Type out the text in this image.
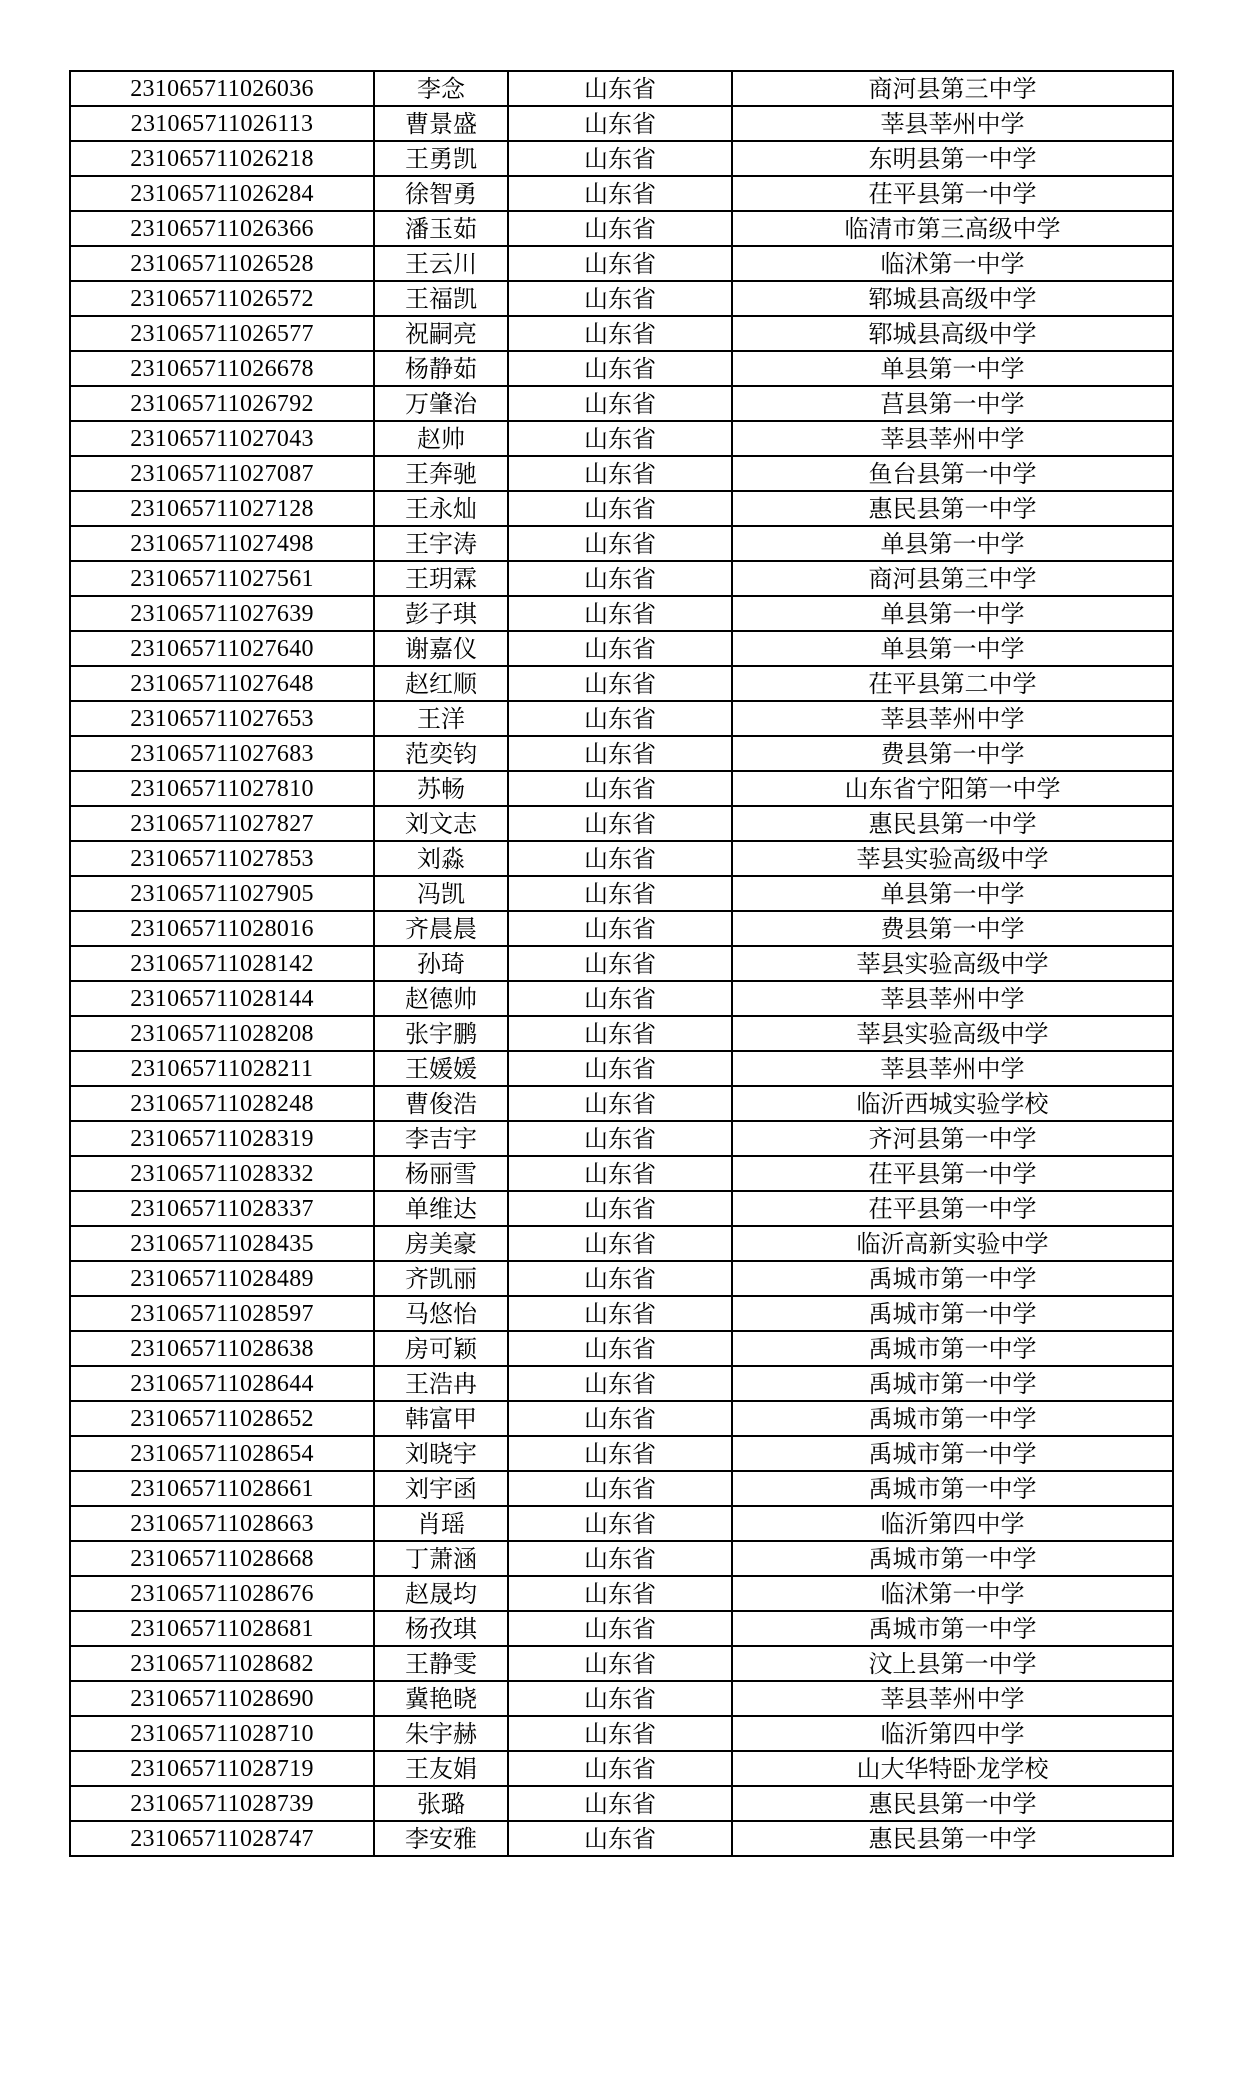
231065711026036	李念	山东省	商河县第三中学
231065711026113	曹景盛	山东省	莘县莘州中学
231065711026218	王勇凯	山东省	东明县第一中学
231065711026284	徐智勇	山东省	茌平县第一中学
231065711026366	潘玉茹	山东省	临清市第三高级中学
231065711026528	王云川	山东省	临沭第一中学
231065711026572	王福凯	山东省	郓城县高级中学
231065711026577	祝嗣亮	山东省	郓城县高级中学
231065711026678	杨静茹	山东省	单县第一中学
231065711026792	万肇治	山东省	莒县第一中学
231065711027043	赵帅	山东省	莘县莘州中学
231065711027087	王奔驰	山东省	鱼台县第一中学
231065711027128	王永灿	山东省	惠民县第一中学
231065711027498	王宇涛	山东省	单县第一中学
231065711027561	王玥霖	山东省	商河县第三中学
231065711027639	彭子琪	山东省	单县第一中学
231065711027640	谢嘉仪	山东省	单县第一中学
231065711027648	赵红顺	山东省	茌平县第二中学
231065711027653	王洋	山东省	莘县莘州中学
231065711027683	范奕钧	山东省	费县第一中学
231065711027810	苏畅	山东省	山东省宁阳第一中学
231065711027827	刘文志	山东省	惠民县第一中学
231065711027853	刘淼	山东省	莘县实验高级中学
231065711027905	冯凯	山东省	单县第一中学
231065711028016	齐晨晨	山东省	费县第一中学
231065711028142	孙琦	山东省	莘县实验高级中学
231065711028144	赵德帅	山东省	莘县莘州中学
231065711028208	张宇鹏	山东省	莘县实验高级中学
231065711028211	王媛媛	山东省	莘县莘州中学
231065711028248	曹俊浩	山东省	临沂西城实验学校
231065711028319	李吉宇	山东省	齐河县第一中学
231065711028332	杨丽雪	山东省	茌平县第一中学
231065711028337	单维达	山东省	茌平县第一中学
231065711028435	房美豪	山东省	临沂高新实验中学
231065711028489	齐凯丽	山东省	禹城市第一中学
231065711028597	马悠怡	山东省	禹城市第一中学
231065711028638	房可颖	山东省	禹城市第一中学
231065711028644	王浩冉	山东省	禹城市第一中学
231065711028652	韩富甲	山东省	禹城市第一中学
231065711028654	刘晓宇	山东省	禹城市第一中学
231065711028661	刘宇函	山东省	禹城市第一中学
231065711028663	肖瑶	山东省	临沂第四中学
231065711028668	丁萧涵	山东省	禹城市第一中学
231065711028676	赵晟均	山东省	临沭第一中学
231065711028681	杨孜琪	山东省	禹城市第一中学
231065711028682	王静雯	山东省	汶上县第一中学
231065711028690	冀艳晓	山东省	莘县莘州中学
231065711028710	朱宇赫	山东省	临沂第四中学
231065711028719	王友娟	山东省	山大华特卧龙学校
231065711028739	张璐	山东省	惠民县第一中学
231065711028747	李安雅	山东省	惠民县第一中学
